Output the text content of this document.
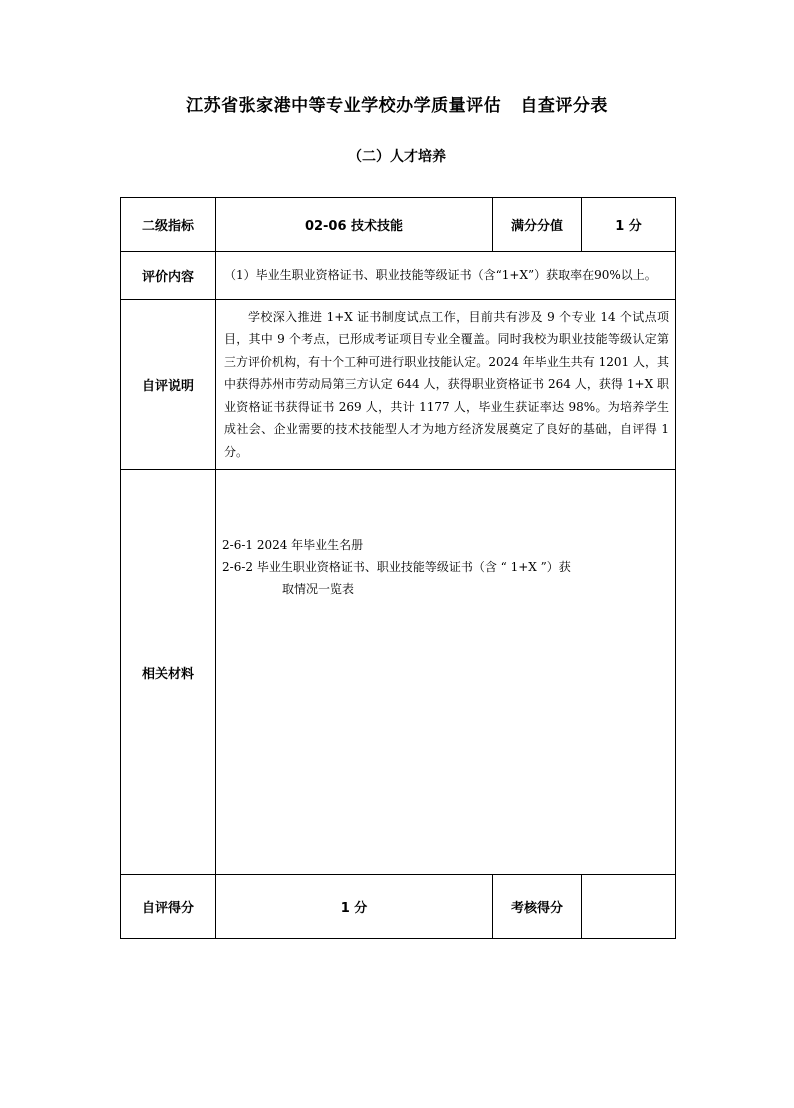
江苏省张家港中等专业学校办学质量评估   自查评分表
（二）人才培养
二级指标	02-06 技术技能	满分分值	1 分
评价内容	（1）毕业生职业资格证书、职业技能等级证书（含“1+X”）获取率在90%以上。		
自评说明	学校深入推进 1+X 证书制度试点工作，目前共有涉及 9 个专业 14 个试点项目，其中 9 个考点，已形成考证项目专业全覆盖。同时我校为职业技能等级认定第三方评价机构，有十个工种可进行职业技能认定。2024 年毕业生共有 1201 人，其中获得苏州市劳动局第三方认定 644 人，获得职业资格证书 264 人，获得 1+X 职业资格证书获得证书 269 人，共计 1177 人，毕业生获证率达 98%。为培养学生成社会、企业需要的技术技能型人才为地方经济发展奠定了良好的基础，自评得 1 分。		
相关材料	2-6-1 2024 年毕业生名册
2-6-2 毕业生职业资格证书、职业技能等级证书（含 “ 1+X ”）获
取情况一览表		

自评得分	1 分	考核得分	
